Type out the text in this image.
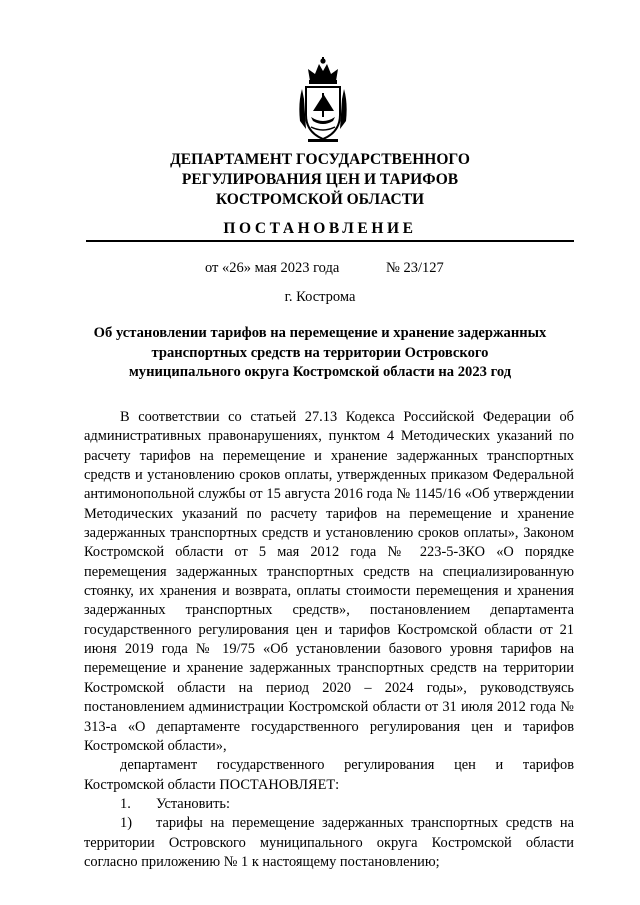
ДЕПАРТАМЕНТ ГОСУДАРСТВЕННОГО
РЕГУЛИРОВАНИЯ ЦЕН И ТАРИФОВ
КОСТРОМСКОЙ ОБЛАСТИ
ПОСТАНОВЛЕНИЕ
от «26» мая 2023 года	№ 23/127
г. Кострома
Об установлении тарифов на перемещение и хранение задержанных
транспортных средств на территории Островского
муниципального округа Костромской области на 2023 год

В соответствии со статьей 27.13 Кодекса Российской Федерации об административных правонарушениях, пунктом 4 Методических указаний по расчету тарифов на перемещение и хранение задержанных транспортных средств и установлению сроков оплаты, утвержденных приказом Федеральной антимонопольной службы от 15 августа 2016 года № 1145/16 «Об утверждении Методических указаний по расчету тарифов на перемещение и хранение задержанных транспортных средств и установлению сроков оплаты», Законом Костромской области от 5 мая 2012 года № 223-5-ЗКО «О порядке перемещения задержанных транспортных средств на специализированную стоянку, их хранения и возврата, оплаты стоимости перемещения и хранения задержанных транспортных средств», постановлением департамента государственного регулирования цен и тарифов Костромской области от 21 июня 2019 года № 19/75 «Об установлении базового уровня тарифов на перемещение и хранение задержанных транспортных средств на территории Костромской области на период 2020 – 2024 годы», руководствуясь постановлением администрации Костромской области от 31 июля 2012 года № 313-а «О департаменте государственного регулирования цен и тарифов Костромской области»,

департамент государственного регулирования цен и тарифов Костромской области ПОСТАНОВЛЯЕТ:

1. Установить:

1) тарифы на перемещение задержанных транспортных средств на территории Островского муниципального округа Костромской области согласно приложению № 1 к настоящему постановлению;
